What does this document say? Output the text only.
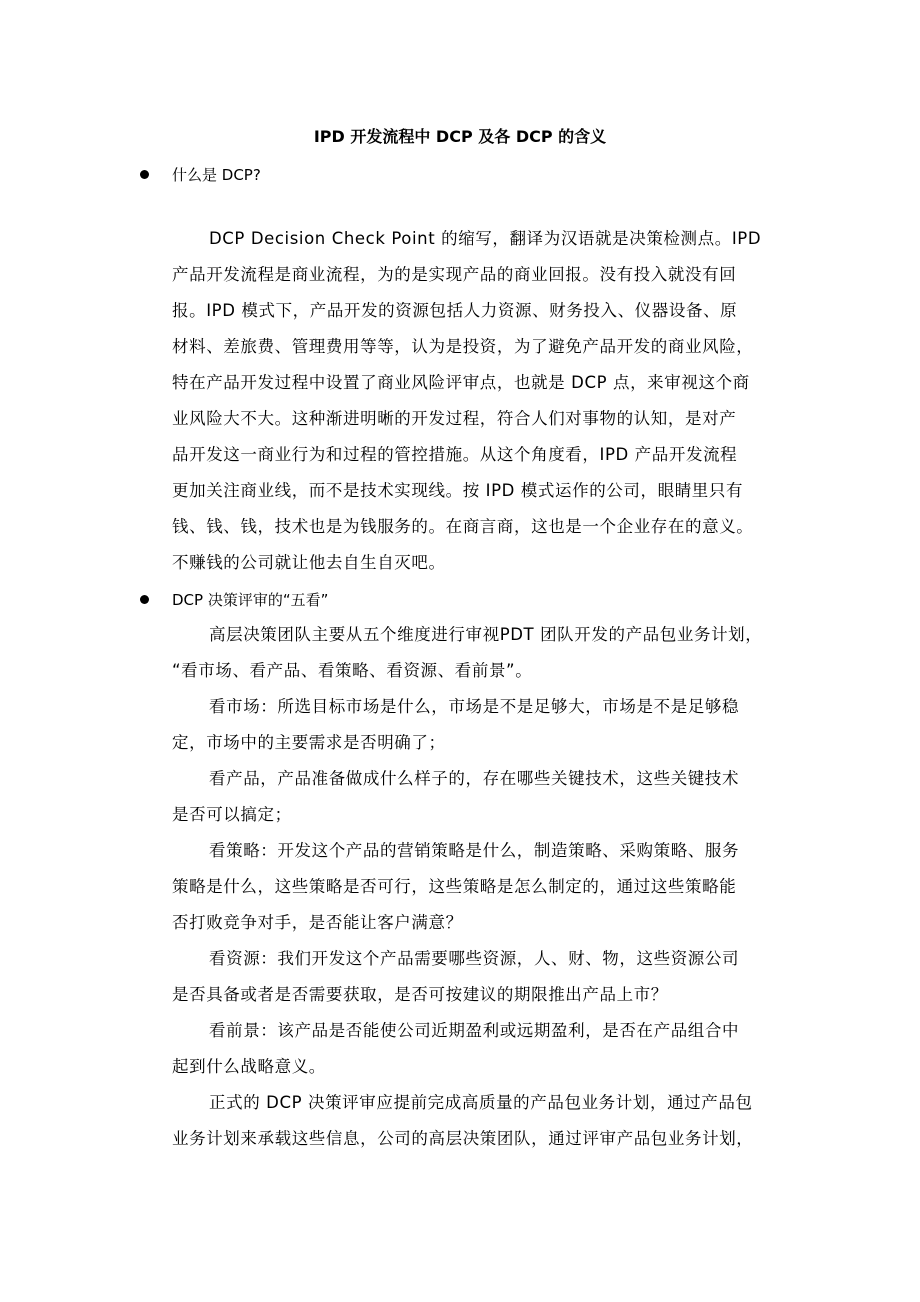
IPD 开发流程中 DCP 及各 DCP 的含义
什么是 DCP?
DCP Decision Check Point 的缩写，翻译为汉语就是决策检测点。IPD
产品开发流程是商业流程，为的是实现产品的商业回报。没有投入就没有回
报。IPD 模式下，产品开发的资源包括人力资源、财务投入、仪器设备、原
材料、差旅费、管理费用等等，认为是投资，为了避免产品开发的商业风险，
特在产品开发过程中设置了商业风险评审点，也就是 DCP 点，来审视这个商
业风险大不大。这种渐进明晰的开发过程，符合人们对事物的认知，是对产
品开发这一商业行为和过程的管控措施。从这个角度看，IPD 产品开发流程
更加关注商业线，而不是技术实现线。按 IPD 模式运作的公司，眼睛里只有
钱、钱、钱，技术也是为钱服务的。在商言商，这也是一个企业存在的意义。
不赚钱的公司就让他去自生自灭吧。
DCP 决策评审的“五看”
高层决策团队主要从五个维度进行审视PDT 团队开发的产品包业务计划，
“看市场、看产品、看策略、看资源、看前景”。
看市场：所选目标市场是什么，市场是不是足够大，市场是不是足够稳
定，市场中的主要需求是否明确了；
看产品，产品准备做成什么样子的，存在哪些关键技术，这些关键技术
是否可以搞定；
看策略：开发这个产品的营销策略是什么，制造策略、采购策略、服务
策略是什么，这些策略是否可行，这些策略是怎么制定的，通过这些策略能
否打败竞争对手，是否能让客户满意？
看资源：我们开发这个产品需要哪些资源，人、财、物，这些资源公司
是否具备或者是否需要获取，是否可按建议的期限推出产品上市？
看前景：该产品是否能使公司近期盈利或远期盈利，是否在产品组合中
起到什么战略意义。
正式的 DCP 决策评审应提前完成高质量的产品包业务计划，通过产品包
业务计划来承载这些信息，公司的高层决策团队，通过评审产品包业务计划，
